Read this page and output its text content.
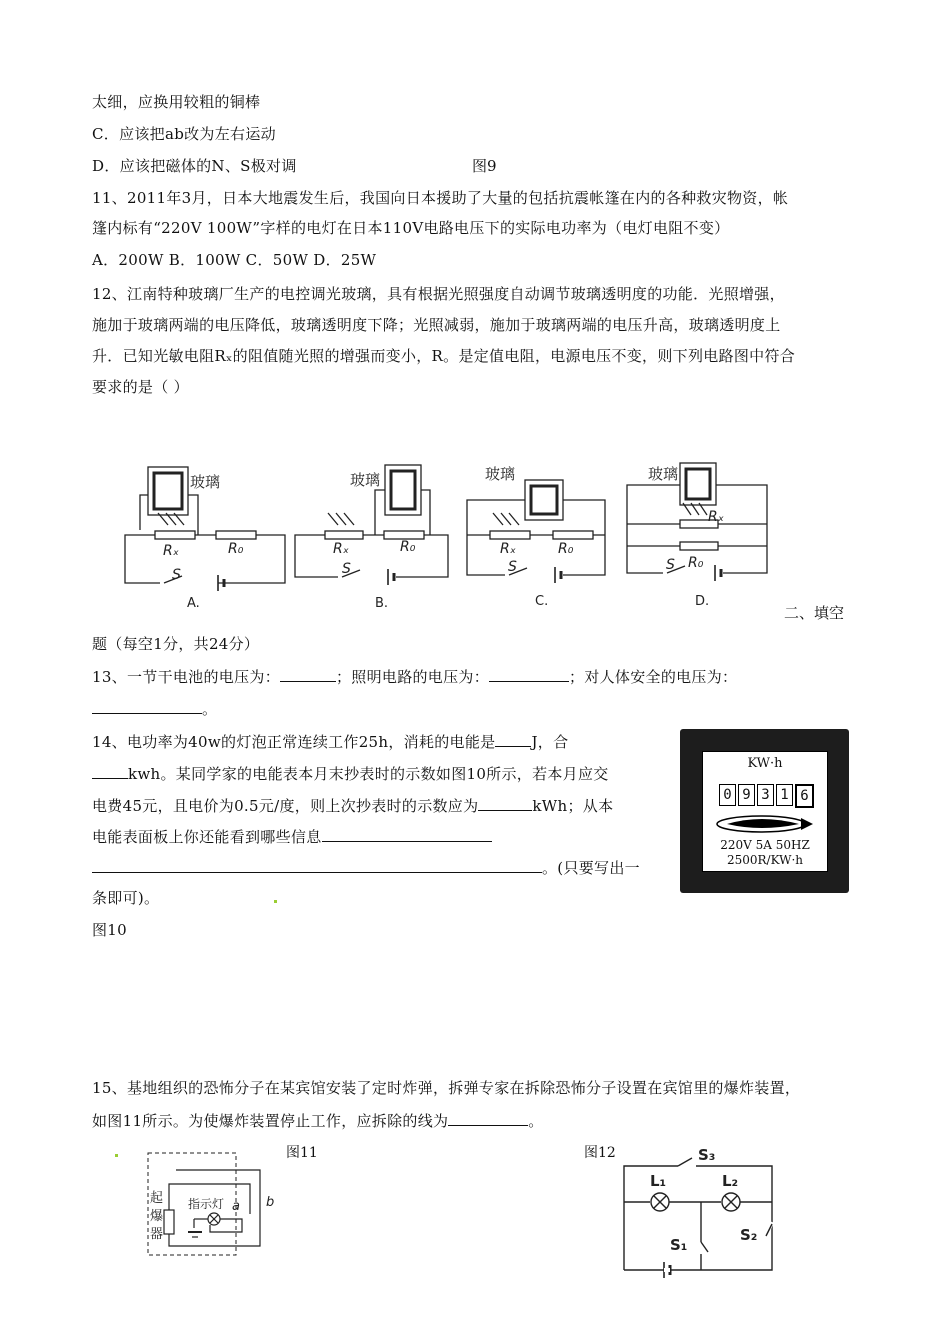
太细，应换用较粗的铜棒
C．应该把ab改为左右运动
D．应该把磁体的N、S极对调	图9
11、2011年3月，日本大地震发生后，我国向日本援助了大量的包括抗震帐篷在内的各种救灾物资，帐
篷内标有“220V 100W”字样的电灯在日本110V电路电压下的实际电功率为（电灯电阻不变）
A．200W B．100W C．50W D．25W
12、江南特种玻璃厂生产的电控调光玻璃，具有根据光照强度自动调节玻璃透明度的功能．光照增强，
施加于玻璃两端的电压降低，玻璃透明度下降；光照减弱，施加于玻璃两端的电压升高，玻璃透明度上
升．已知光敏电阻Rₓ的阻值随光照的增强而变小，R。是定值电阻，电源电压不变，则下列电路图中符合
要求的是（ ）
玻璃	玻璃	玻璃	玻璃
Rₓ	R₀	Rₓ	R₀	Rₓ	R₀
Rₓ
R₀
S	S	S	S
A.	B.	C.	D.
二、填空
题（每空1分，共24分）
13、一节干电池的电压为：	；照明电路的电压为：	；对人体安全的电压为：
。
14、电功率为40w的灯泡正常连续工作25h，消耗的电能是 J，合
kwh。某同学家的电能表本月末抄表时的示数如图10所示，若本月应交
电费45元，且电价为0.5元/度，则上次抄表时的示数应为	kWh；从本
电能表面板上你还能看到哪些信息
。(只要写出一
条即可)。
图10
KW·h
0 9 3 1 6
220V 5A 50HZ
2500R/KW·h
15、基地组织的恐怖分子在某宾馆安装了定时炸弹，拆弹专家在拆除恐怖分子设置在宾馆里的爆炸装置，
如图11所示。为使爆炸装置停止工作，应拆除的线为	。
图11	图12
起
爆
器
指示灯 a b
S₃
L₁	L₂
S₁
S₂
